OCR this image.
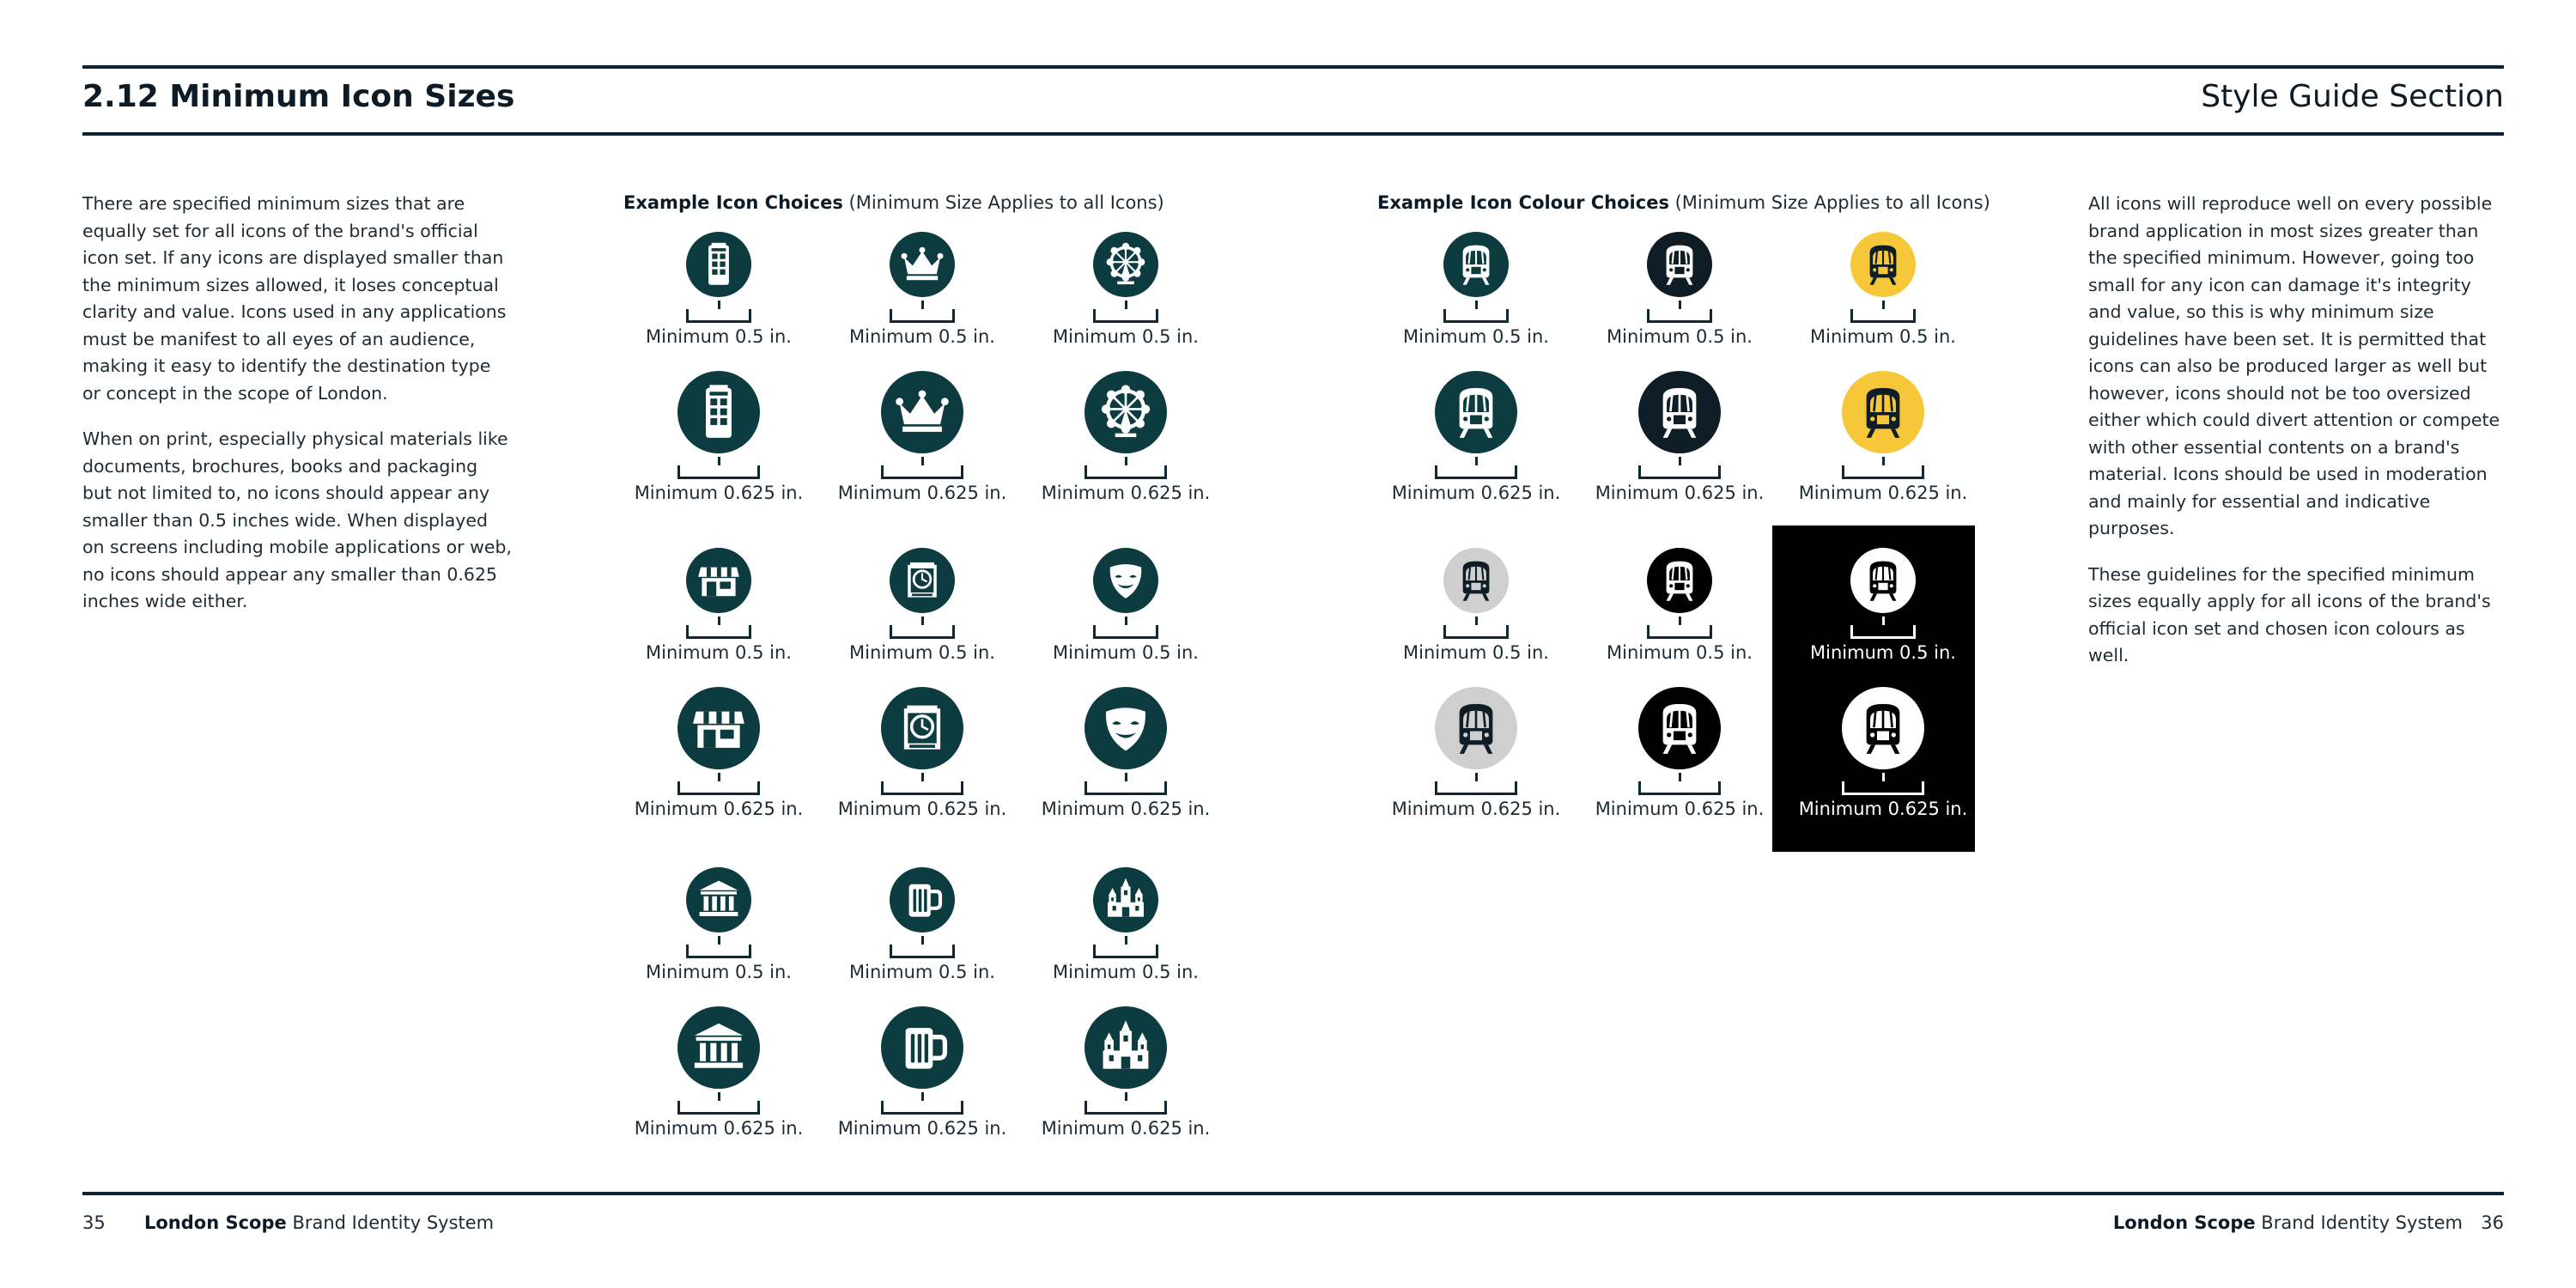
2.12 Minimum Icon Sizes	Style Guide Section

There are specified minimum sizes that are equally set for all icons of the brand's official icon set. If any icons are displayed smaller than the minimum sizes allowed, it loses conceptual clarity and value. Icons used in any applications must be manifest to all eyes of an audience, making it easy to identify the destination type or concept in the scope of London.

When on print, especially physical materials like documents, brochures, books and packaging but not limited to, no icons should appear any smaller than 0.5 inches wide. When displayed on screens including mobile applications or web, no icons should appear any smaller than 0.625 inches wide either.

Example Icon Choices (Minimum Size Applies to all Icons)	Example Icon Colour Choices (Minimum Size Applies to all Icons)
Minimum 0.5 in.
Minimum 0.625 in.
Minimum 0.5 in.
Minimum 0.625 in.
Minimum 0.5 in.
Minimum 0.625 in.
Minimum 0.5 in.
Minimum 0.625 in.
Minimum 0.5 in.
Minimum 0.625 in.
Minimum 0.5 in.
Minimum 0.625 in.
Minimum 0.5 in.
Minimum 0.625 in.
Minimum 0.5 in.
Minimum 0.625 in.
Minimum 0.5 in.
Minimum 0.625 in.
Minimum 0.5 in.	Minimum 0.5 in.	Minimum 0.5 in.
Minimum 0.625 in.	Minimum 0.625 in.	Minimum 0.625 in.
Minimum 0.5 in.	Minimum 0.5 in.	Minimum 0.5 in.
Minimum 0.625 in.	Minimum 0.625 in.	Minimum 0.625 in.

All icons will reproduce well on every possible brand application in most sizes greater than the specified minimum. However, going too small for any icon can damage it's integrity and value, so this is why minimum size guidelines have been set. It is permitted that icons can also be produced larger as well but however, icons should not be too oversized either which could divert attention or compete with other essential contents on a brand's material. Icons should be used in moderation and mainly for essential and indicative purposes.

These guidelines for the specified minimum sizes equally apply for all icons of the brand's official icon set and chosen icon colours as well.

35 London Scope Brand Identity System	London Scope Brand Identity System 36
